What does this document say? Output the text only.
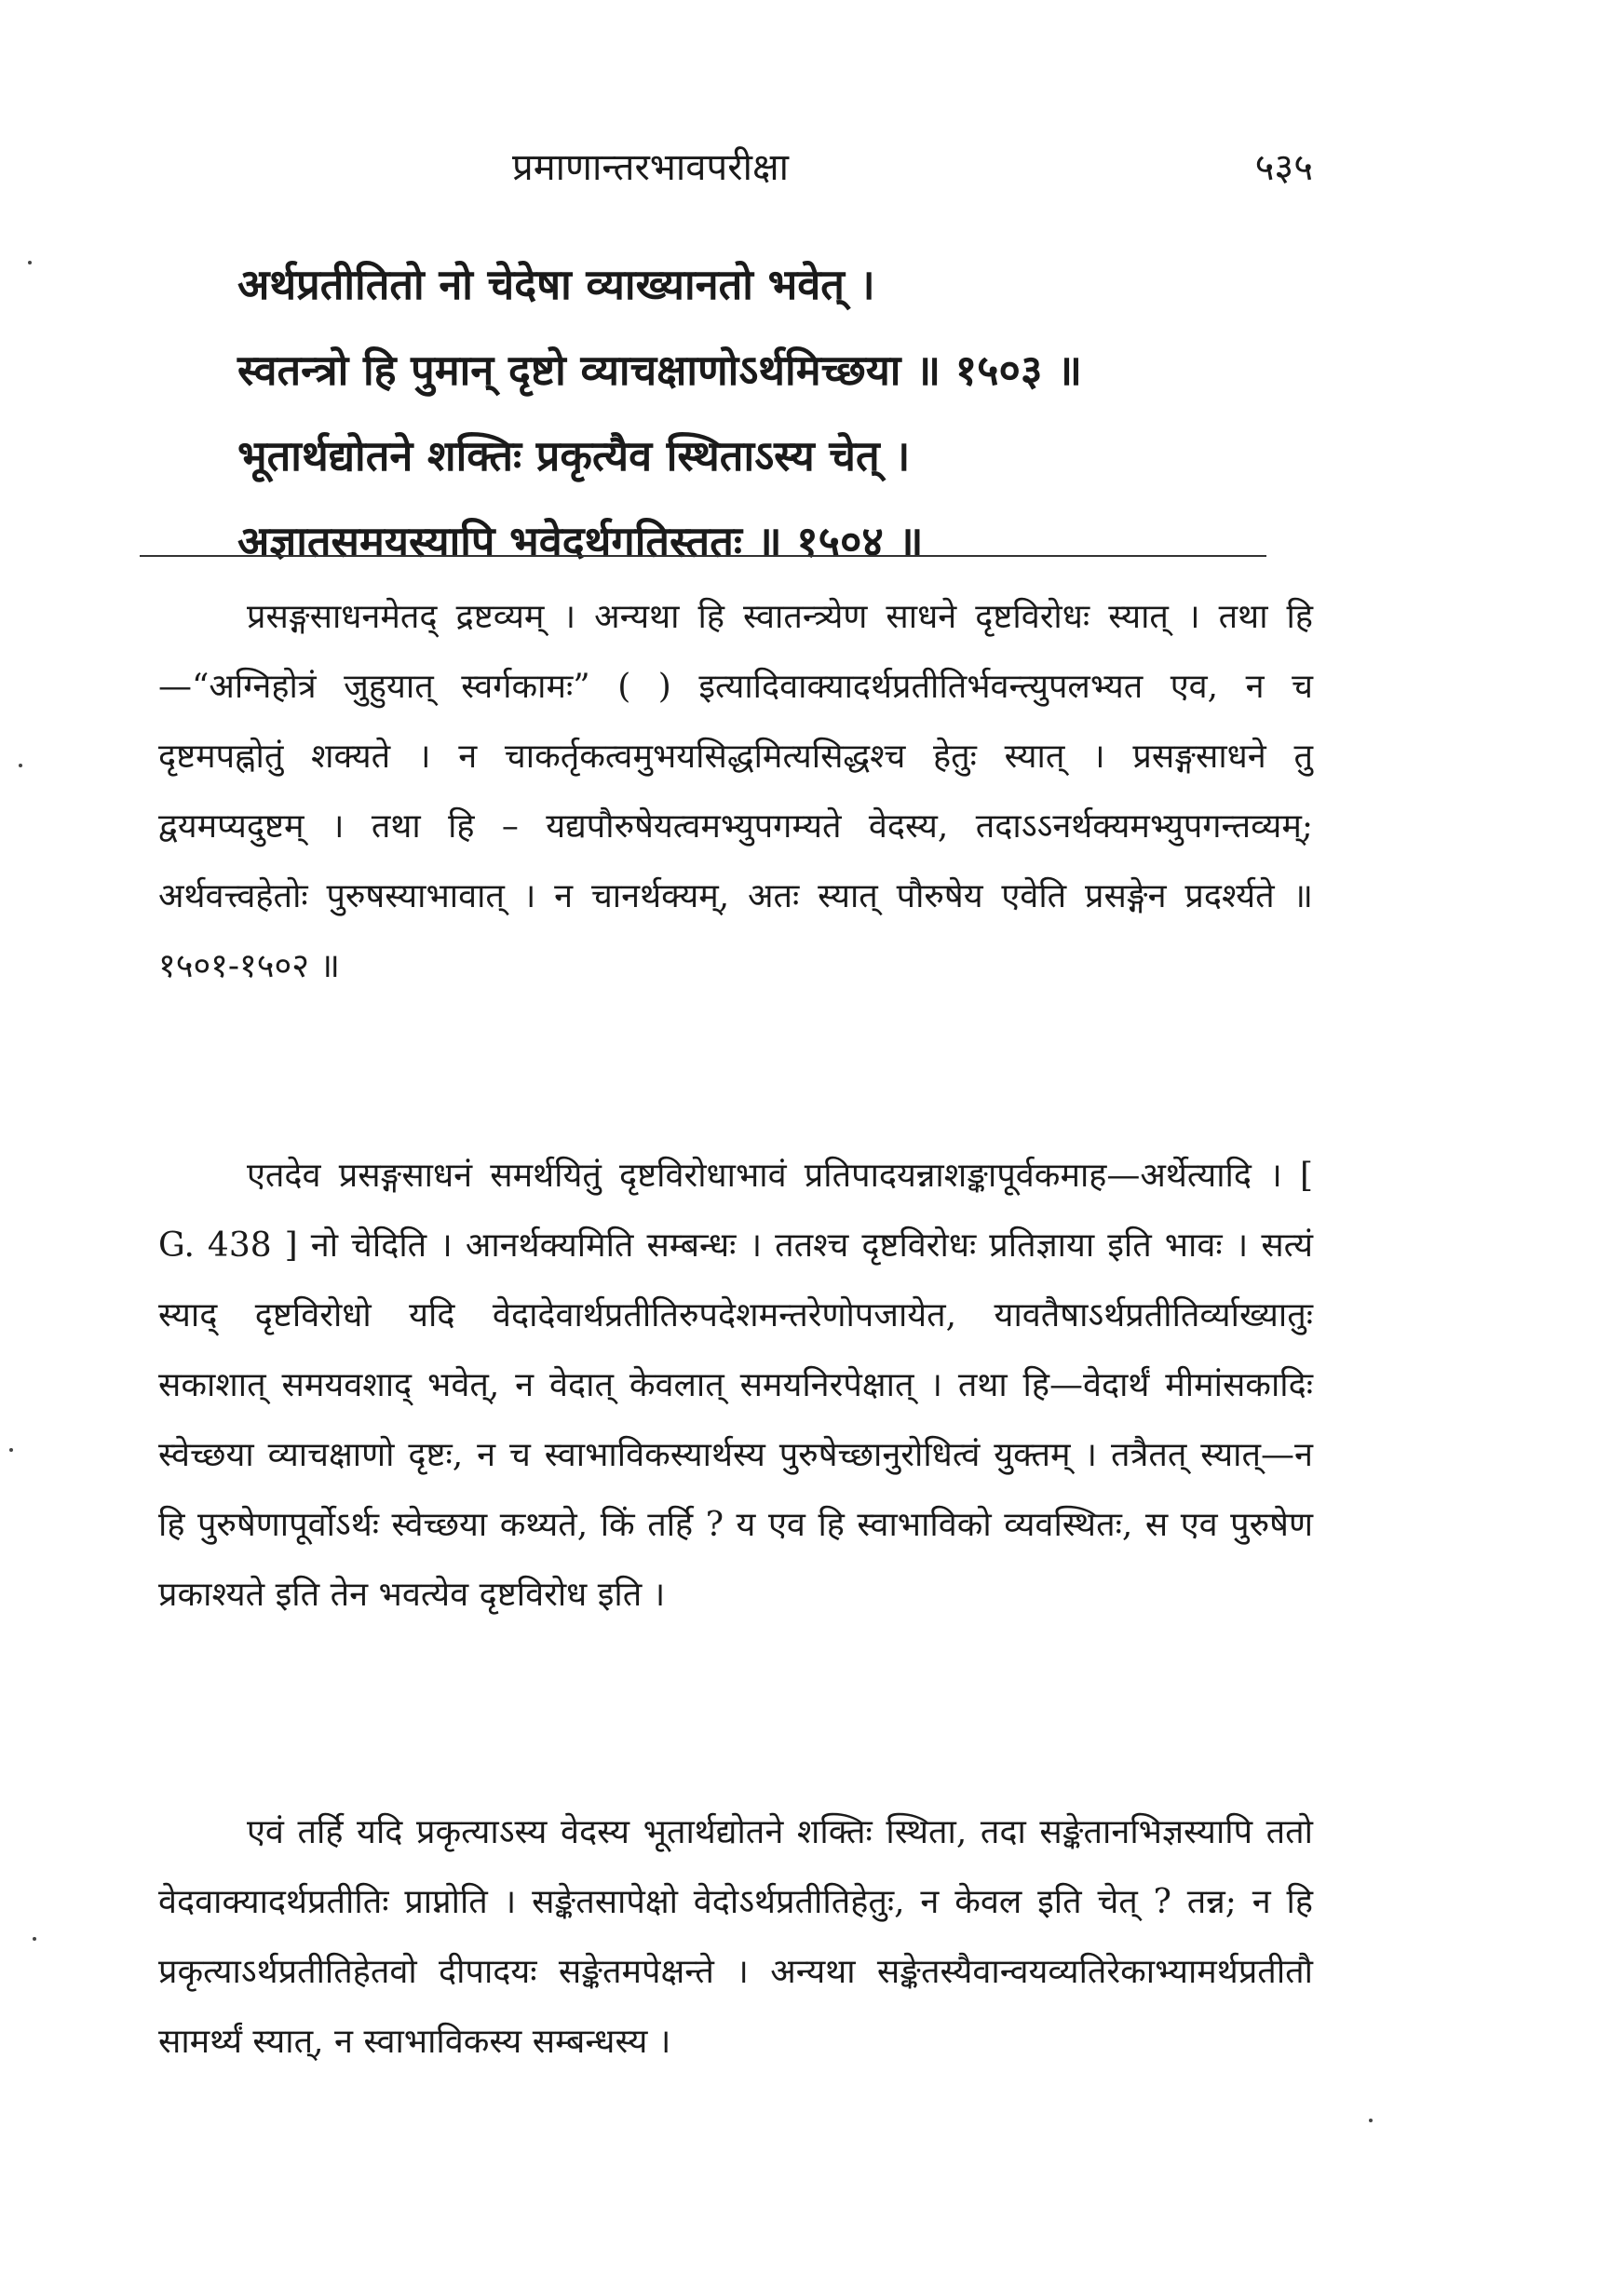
प्रमाणान्तरभावपरीक्षा	५३५
अर्थप्रतीतितो नो चेदेषा व्याख्यानतो भवेत् ।
स्वतन्त्रो हि पुमान् दृष्टो व्याचक्षाणोऽर्थमिच्छया ॥ १५०३ ॥
भूतार्थद्योतने शक्तिः प्रकृत्यैव स्थिताऽस्य चेत् ।
अज्ञातसमयस्यापि भवेदर्थगतिस्ततः ॥ १५०४ ॥

प्रसङ्गसाधनमेतद् द्रष्टव्यम् । अन्यथा हि स्वातन्त्र्येण साधने दृष्टविरोधः स्यात् । तथा हि—“अग्निहोत्रं जुहुयात् स्वर्गकामः” ( ) इत्यादिवाक्यादर्थप्रतीतिर्भवन्त्युपलभ्यत एव, न च दृष्टमपह्नोतुं शक्यते । न चाकर्तृकत्वमुभयसिद्धमित्यसिद्धश्च हेतुः स्यात् । प्रसङ्गसाधने तु द्वयमप्यदुष्टम् । तथा हि – यद्यपौरुषेयत्वमभ्युपगम्यते वेदस्य, तदाऽऽनर्थक्यमभ्युपगन्तव्यम्; अर्थवत्त्वहेतोः पुरुषस्याभावात् । न चानर्थक्यम्, अतः स्यात् पौरुषेय एवेति प्रसङ्गेन प्रदर्श्यते ॥ १५०१-१५०२ ॥

एतदेव प्रसङ्गसाधनं समर्थयितुं दृष्टविरोधाभावं प्रतिपादयन्नाशङ्कापूर्वकमाह—अर्थेत्यादि । [ G. 438 ] नो चेदिति । आनर्थक्यमिति सम्बन्धः । ततश्च दृष्टविरोधः प्रतिज्ञाया इति भावः । सत्यं स्याद् दृष्टविरोधो यदि वेदादेवार्थप्रतीतिरुपदेशमन्तरेणोपजायेत, यावतैषाऽर्थप्रतीतिर्व्याख्यातुः सकाशात् समयवशाद् भवेत्, न वेदात् केवलात् समयनिरपेक्षात् । तथा हि—वेदार्थं मीमांसकादिः स्वेच्छया व्याचक्षाणो दृष्टः, न च स्वाभाविकस्यार्थस्य पुरुषेच्छानुरोधित्वं युक्तम् । तत्रैतत् स्यात्—न हि पुरुषेणापूर्वोऽर्थः स्वेच्छया कथ्यते, किं तर्हि ? य एव हि स्वाभाविको व्यवस्थितः, स एव पुरुषेण प्रकाश्यते इति तेन भवत्येव दृष्टविरोध इति ।

एवं तर्हि यदि प्रकृत्याऽस्य वेदस्य भूतार्थद्योतने शक्तिः स्थिता, तदा सङ्केतानभिज्ञस्यापि ततो वेदवाक्यादर्थप्रतीतिः प्राप्नोति । सङ्केतसापेक्षो वेदोऽर्थप्रतीतिहेतुः, न केवल इति चेत् ? तन्न; न हि प्रकृत्याऽर्थप्रतीतिहेतवो दीपादयः सङ्केतमपेक्षन्ते । अन्यथा सङ्केतस्यैवान्वयव्यतिरेकाभ्यामर्थप्रतीतौ सामर्थ्यं स्यात्, न स्वाभाविकस्य सम्बन्धस्य ।
